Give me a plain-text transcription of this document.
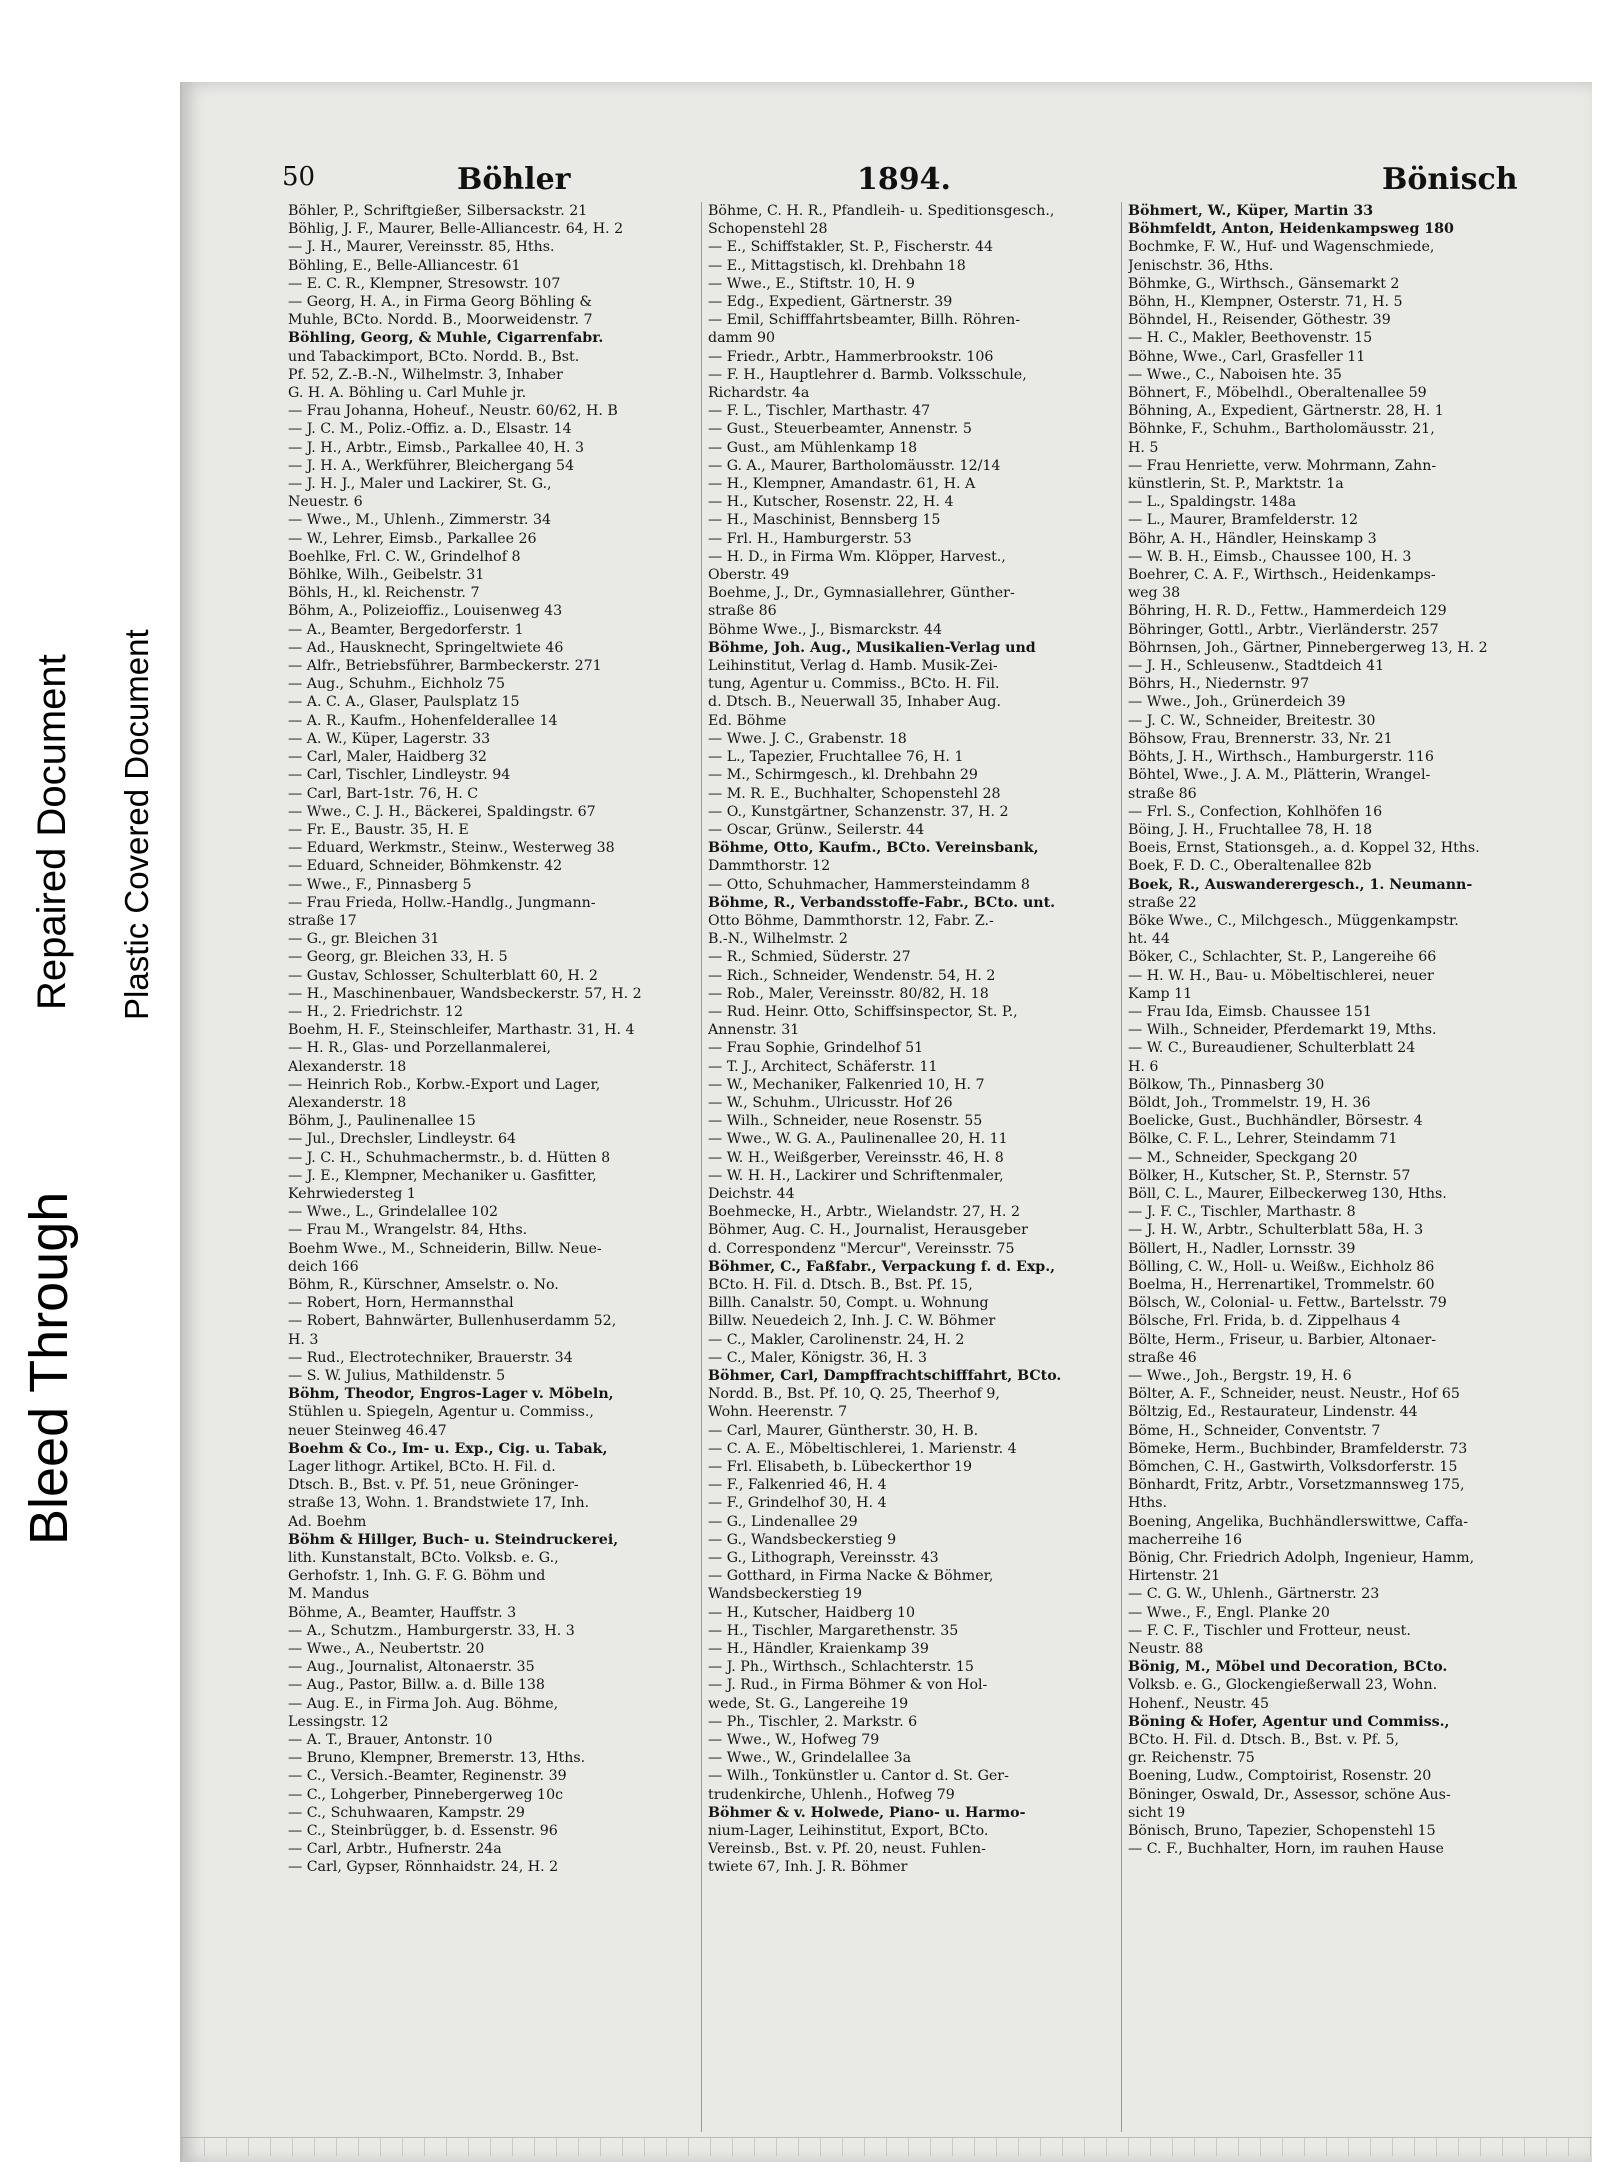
Bleed Through
Repaired Document Plastic Covered Document
50	Böhler	1894.	Bönisch
Böhler, P., Schriftgießer, Silbersackstr. 21
Böhlig, J. F., Maurer, Belle-Alliancestr. 64, H. 2
— J. H., Maurer, Vereinsstr. 85, Hths.
Böhling, E., Belle-Alliancestr. 61
— E. C. R., Klempner, Stresowstr. 107
— Georg, H. A., in Firma Georg Böhling &
Muhle, BCto. Nordd. B., Moorweidenstr. 7
Böhling, Georg, & Muhle, Cigarrenfabr.
und Tabackimport, BCto. Nordd. B., Bst.
Pf. 52, Z.-B.-N., Wilhelmstr. 3, Inhaber
G. H. A. Böhling u. Carl Muhle jr.
— Frau Johanna, Hoheuf., Neustr. 60/62, H. B
— J. C. M., Poliz.-Offiz. a. D., Elsastr. 14
— J. H., Arbtr., Eimsb., Parkallee 40, H. 3
— J. H. A., Werkführer, Bleichergang 54
— J. H. J., Maler und Lackirer, St. G.,
Neuestr. 6
— Wwe., M., Uhlenh., Zimmerstr. 34
— W., Lehrer, Eimsb., Parkallee 26
Boehlke, Frl. C. W., Grindelhof 8
Böhlke, Wilh., Geibelstr. 31
Böhls, H., kl. Reichenstr. 7
Böhm, A., Polizeioffiz., Louisenweg 43
— A., Beamter, Bergedorferstr. 1
— Ad., Hausknecht, Springeltwiete 46
— Alfr., Betriebsführer, Barmbeckerstr. 271
— Aug., Schuhm., Eichholz 75
— A. C. A., Glaser, Paulsplatz 15
— A. R., Kaufm., Hohenfelderallee 14
— A. W., Küper, Lagerstr. 33
— Carl, Maler, Haidberg 32
— Carl, Tischler, Lindleystr. 94
— Carl, Bart-1str. 76, H. C
— Wwe., C. J. H., Bäckerei, Spaldingstr. 67
— Fr. E., Baustr. 35, H. E
— Eduard, Werkmstr., Steinw., Westerweg 38
— Eduard, Schneider, Böhmkenstr. 42
— Wwe., F., Pinnasberg 5
— Frau Frieda, Hollw.-Handlg., Jungmann-
straße 17
— G., gr. Bleichen 31
— Georg, gr. Bleichen 33, H. 5
— Gustav, Schlosser, Schulterblatt 60, H. 2
— H., Maschinenbauer, Wandsbeckerstr. 57, H. 2
— H., 2. Friedrichstr. 12
Boehm, H. F., Steinschleifer, Marthastr. 31, H. 4
— H. R., Glas- und Porzellanmalerei,
Alexanderstr. 18
— Heinrich Rob., Korbw.-Export und Lager,
Alexanderstr. 18
Böhm, J., Paulinenallee 15
— Jul., Drechsler, Lindleystr. 64
— J. C. H., Schuhmachermstr., b. d. Hütten 8
— J. E., Klempner, Mechaniker u. Gasfitter,
Kehrwiedersteg 1
— Wwe., L., Grindelallee 102
— Frau M., Wrangelstr. 84, Hths.
Boehm Wwe., M., Schneiderin, Billw. Neue-
deich 166
Böhm, R., Kürschner, Amselstr. o. No.
— Robert, Horn, Hermannsthal
— Robert, Bahnwärter, Bullenhuserdamm 52,
H. 3
— Rud., Electrotechniker, Brauerstr. 34
— S. W. Julius, Mathildenstr. 5
Böhm, Theodor, Engros-Lager v. Möbeln,
Stühlen u. Spiegeln, Agentur u. Commiss.,
neuer Steinweg 46.47
Boehm & Co., Im- u. Exp., Cig. u. Tabak,
Lager lithogr. Artikel, BCto. H. Fil. d.
Dtsch. B., Bst. v. Pf. 51, neue Gröninger-
straße 13, Wohn. 1. Brandstwiete 17, Inh.
Ad. Boehm
Böhm & Hillger, Buch- u. Steindruckerei,
lith. Kunstanstalt, BCto. Volksb. e. G.,
Gerhofstr. 1, Inh. G. F. G. Böhm und
M. Mandus
Böhme, A., Beamter, Hauffstr. 3
— A., Schutzm., Hamburgerstr. 33, H. 3
— Wwe., A., Neubertstr. 20
— Aug., Journalist, Altonaerstr. 35
— Aug., Pastor, Billw. a. d. Bille 138
— Aug. E., in Firma Joh. Aug. Böhme,
Lessingstr. 12
— A. T., Brauer, Antonstr. 10
— Bruno, Klempner, Bremerstr. 13, Hths.
— C., Versich.-Beamter, Reginenstr. 39
— C., Lohgerber, Pinnebergerweg 10c
— C., Schuhwaaren, Kampstr. 29
— C., Steinbrügger, b. d. Essenstr. 96
— Carl, Arbtr., Hufnerstr. 24a
— Carl, Gypser, Rönnhaidstr. 24, H. 2
Böhme, C. H. R., Pfandleih- u. Speditionsgesch.,
Schopenstehl 28
— E., Schiffstakler, St. P., Fischerstr. 44
— E., Mittagstisch, kl. Drehbahn 18
— Wwe., E., Stiftstr. 10, H. 9
— Edg., Expedient, Gärtnerstr. 39
— Emil, Schifffahrtsbeamter, Billh. Röhren-
damm 90
— Friedr., Arbtr., Hammerbrookstr. 106
— F. H., Hauptlehrer d. Barmb. Volksschule,
Richardstr. 4a
— F. L., Tischler, Marthastr. 47
— Gust., Steuerbeamter, Annenstr. 5
— Gust., am Mühlenkamp 18
— G. A., Maurer, Bartholomäusstr. 12/14
— H., Klempner, Amandastr. 61, H. A
— H., Kutscher, Rosenstr. 22, H. 4
— H., Maschinist, Bennsberg 15
— Frl. H., Hamburgerstr. 53
— H. D., in Firma Wm. Klöpper, Harvest.,
Oberstr. 49
Boehme, J., Dr., Gymnasiallehrer, Günther-
straße 86
Böhme Wwe., J., Bismarckstr. 44
Böhme, Joh. Aug., Musikalien-Verlag und
Leihinstitut, Verlag d. Hamb. Musik-Zei-
tung, Agentur u. Commiss., BCto. H. Fil.
d. Dtsch. B., Neuerwall 35, Inhaber Aug.
Ed. Böhme
— Wwe. J. C., Grabenstr. 18
— L., Tapezier, Fruchtallee 76, H. 1
— M., Schirmgesch., kl. Drehbahn 29
— M. R. E., Buchhalter, Schopenstehl 28
— O., Kunstgärtner, Schanzenstr. 37, H. 2
— Oscar, Grünw., Seilerstr. 44
Böhme, Otto, Kaufm., BCto. Vereinsbank,
Dammthorstr. 12
— Otto, Schuhmacher, Hammersteindamm 8
Böhme, R., Verbandsstoffe-Fabr., BCto. unt.
Otto Böhme, Dammthorstr. 12, Fabr. Z.-
B.-N., Wilhelmstr. 2
— R., Schmied, Süderstr. 27
— Rich., Schneider, Wendenstr. 54, H. 2
— Rob., Maler, Vereinsstr. 80/82, H. 18
— Rud. Heinr. Otto, Schiffsinspector, St. P.,
Annenstr. 31
— Frau Sophie, Grindelhof 51
— T. J., Architect, Schäferstr. 11
— W., Mechaniker, Falkenried 10, H. 7
— W., Schuhm., Ulricusstr. Hof 26
— Wilh., Schneider, neue Rosenstr. 55
— Wwe., W. G. A., Paulinenallee 20, H. 11
— W. H., Weißgerber, Vereinsstr. 46, H. 8
— W. H. H., Lackirer und Schriftenmaler,
Deichstr. 44
Boehmecke, H., Arbtr., Wielandstr. 27, H. 2
Böhmer, Aug. C. H., Journalist, Herausgeber
d. Correspondenz "Mercur", Vereinsstr. 75
Böhmer, C., Faßfabr., Verpackung f. d. Exp.,
BCto. H. Fil. d. Dtsch. B., Bst. Pf. 15,
Billh. Canalstr. 50, Compt. u. Wohnung
Billw. Neuedeich 2, Inh. J. C. W. Böhmer
— C., Makler, Carolinenstr. 24, H. 2
— C., Maler, Königstr. 36, H. 3
Böhmer, Carl, Dampffrachtschifffahrt, BCto.
Nordd. B., Bst. Pf. 10, Q. 25, Theerhof 9,
Wohn. Heerenstr. 7
— Carl, Maurer, Güntherstr. 30, H. B.
— C. A. E., Möbeltischlerei, 1. Marienstr. 4
— Frl. Elisabeth, b. Lübeckerthor 19
— F., Falkenried 46, H. 4
— F., Grindelhof 30, H. 4
— G., Lindenallee 29
— G., Wandsbeckerstieg 9
— G., Lithograph, Vereinsstr. 43
— Gotthard, in Firma Nacke & Böhmer,
Wandsbeckerstieg 19
— H., Kutscher, Haidberg 10
— H., Tischler, Margarethenstr. 35
— H., Händler, Kraienkamp 39
— J. Ph., Wirthsch., Schlachterstr. 15
— J. Rud., in Firma Böhmer & von Hol-
wede, St. G., Langereihe 19
— Ph., Tischler, 2. Markstr. 6
— Wwe., W., Hofweg 79
— Wwe., W., Grindelallee 3a
— Wilh., Tonkünstler u. Cantor d. St. Ger-
trudenkirche, Uhlenh., Hofweg 79
Böhmer & v. Holwede, Piano- u. Harmo-
nium-Lager, Leihinstitut, Export, BCto.
Vereinsb., Bst. v. Pf. 20, neust. Fuhlen-
twiete 67, Inh. J. R. Böhmer
Böhmert, W., Küper, Martin 33
Böhmfeldt, Anton, Heidenkampsweg 180
Bochmke, F. W., Huf- und Wagenschmiede,
Jenischstr. 36, Hths.
Böhmke, G., Wirthsch., Gänsemarkt 2
Böhn, H., Klempner, Osterstr. 71, H. 5
Böhndel, H., Reisender, Göthestr. 39
— H. C., Makler, Beethovenstr. 15
Böhne, Wwe., Carl, Grasfeller 11
— Wwe., C., Naboisen hte. 35
Böhnert, F., Möbelhdl., Oberaltenallee 59
Böhning, A., Expedient, Gärtnerstr. 28, H. 1
Böhnke, F., Schuhm., Bartholomäusstr. 21,
H. 5
— Frau Henriette, verw. Mohrmann, Zahn-
künstlerin, St. P., Marktstr. 1a
— L., Spaldingstr. 148a
— L., Maurer, Bramfelderstr. 12
Böhr, A. H., Händler, Heinskamp 3
— W. B. H., Eimsb., Chaussee 100, H. 3
Boehrer, C. A. F., Wirthsch., Heidenkamps-
weg 38
Böhring, H. R. D., Fettw., Hammerdeich 129
Böhringer, Gottl., Arbtr., Vierländerstr. 257
Böhrnsen, Joh., Gärtner, Pinnebergerweg 13, H. 2
— J. H., Schleusenw., Stadtdeich 41
Böhrs, H., Niedernstr. 97
— Wwe., Joh., Grünerdeich 39
— J. C. W., Schneider, Breitestr. 30
Böhsow, Frau, Brennerstr. 33, Nr. 21
Böhts, J. H., Wirthsch., Hamburgerstr. 116
Böhtel, Wwe., J. A. M., Plätterin, Wrangel-
straße 86
— Frl. S., Confection, Kohlhöfen 16
Böing, J. H., Fruchtallee 78, H. 18
Boeis, Ernst, Stationsgeh., a. d. Koppel 32, Hths.
Boek, F. D. C., Oberaltenallee 82b
Boek, R., Auswanderergesch., 1. Neumann-
straße 22
Böke Wwe., C., Milchgesch., Müggenkampstr.
ht. 44
Böker, C., Schlachter, St. P., Langereihe 66
— H. W. H., Bau- u. Möbeltischlerei, neuer
Kamp 11
— Frau Ida, Eimsb. Chaussee 151
— Wilh., Schneider, Pferdemarkt 19, Mths.
— W. C., Bureaudiener, Schulterblatt 24
H. 6
Bölkow, Th., Pinnasberg 30
Böldt, Joh., Trommelstr. 19, H. 36
Boelicke, Gust., Buchhändler, Börsestr. 4
Bölke, C. F. L., Lehrer, Steindamm 71
— M., Schneider, Speckgang 20
Bölker, H., Kutscher, St. P., Sternstr. 57
Böll, C. L., Maurer, Eilbeckerweg 130, Hths.
— J. F. C., Tischler, Marthastr. 8
— J. H. W., Arbtr., Schulterblatt 58a, H. 3
Böllert, H., Nadler, Lornsstr. 39
Bölling, C. W., Holl- u. Weißw., Eichholz 86
Boelma, H., Herrenartikel, Trommelstr. 60
Bölsch, W., Colonial- u. Fettw., Bartelsstr. 79
Bölsche, Frl. Frida, b. d. Zippelhaus 4
Bölte, Herm., Friseur, u. Barbier, Altonaer-
straße 46
— Wwe., Joh., Bergstr. 19, H. 6
Bölter, A. F., Schneider, neust. Neustr., Hof 65
Böltzig, Ed., Restaurateur, Lindenstr. 44
Böme, H., Schneider, Conventstr. 7
Bömeke, Herm., Buchbinder, Bramfelderstr. 73
Bömchen, C. H., Gastwirth, Volksdorferstr. 15
Bönhardt, Fritz, Arbtr., Vorsetzmannsweg 175,
Hths.
Boening, Angelika, Buchhändlerswittwe, Caffa-
macherreihe 16
Bönig, Chr. Friedrich Adolph, Ingenieur, Hamm,
Hirtenstr. 21
— C. G. W., Uhlenh., Gärtnerstr. 23
— Wwe., F., Engl. Planke 20
— F. C. F., Tischler und Frotteur, neust.
Neustr. 88
Bönig, M., Möbel und Decoration, BCto.
Volksb. e. G., Glockengießerwall 23, Wohn.
Hohenf., Neustr. 45
Böning & Hofer, Agentur und Commiss.,
BCto. H. Fil. d. Dtsch. B., Bst. v. Pf. 5,
gr. Reichenstr. 75
Boening, Ludw., Comptoirist, Rosenstr. 20
Böninger, Oswald, Dr., Assessor, schöne Aus-
sicht 19
Bönisch, Bruno, Tapezier, Schopenstehl 15
— C. F., Buchhalter, Horn, im rauhen Hause
